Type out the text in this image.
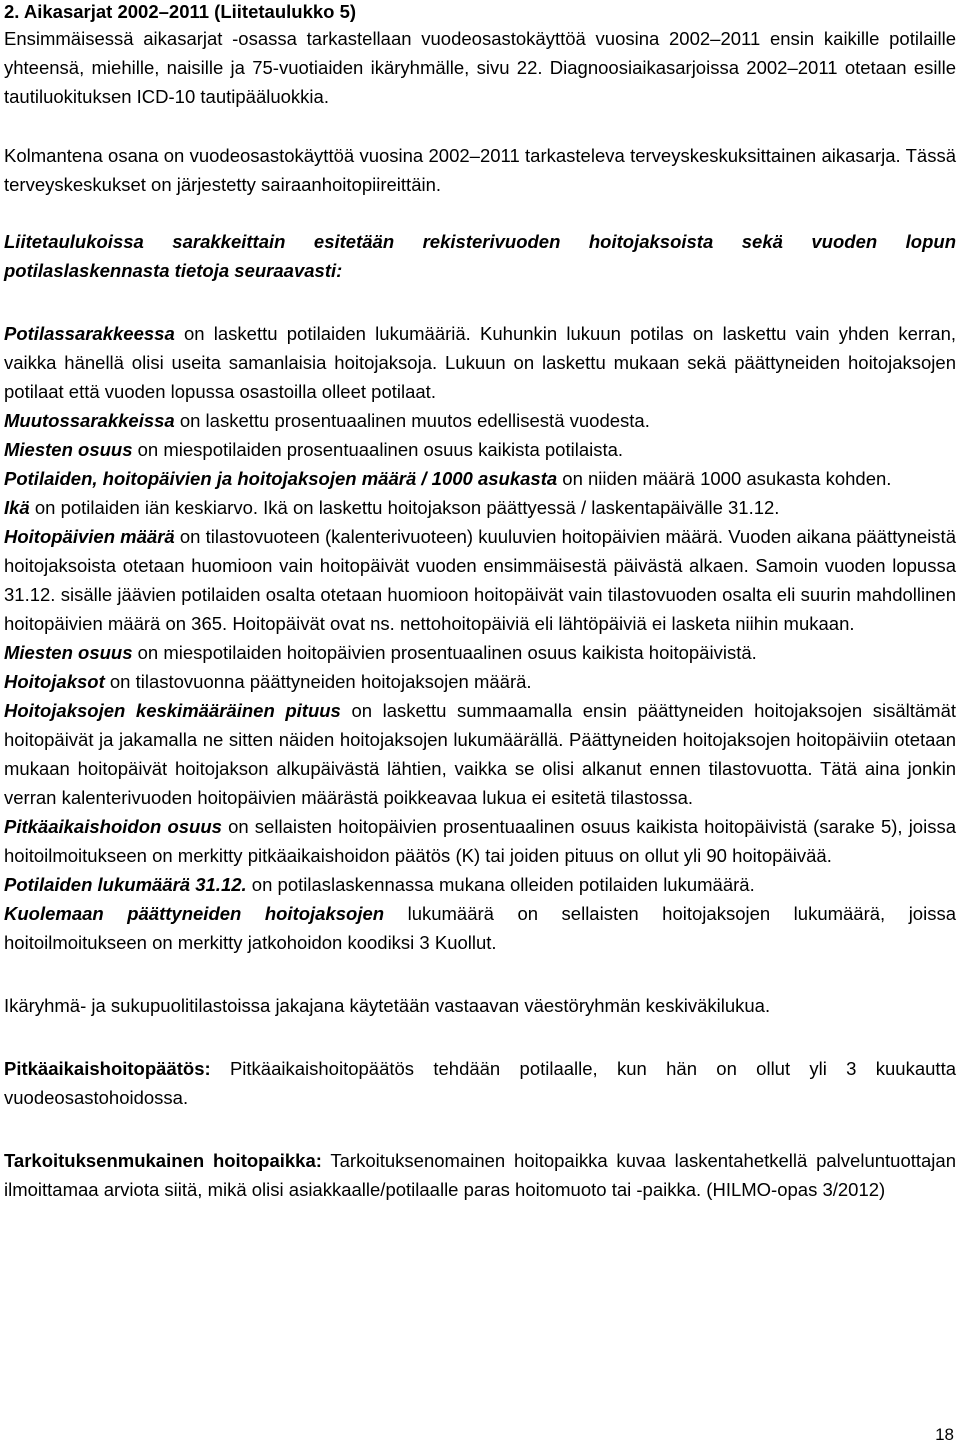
2. Aikasarjat 2002–2011 (Liitetaulukko 5)

Ensimmäisessä aikasarjat -osassa tarkastellaan vuodeosastokäyttöä vuosina 2002–2011 ensin kaikille potilaille yhteensä, miehille, naisille ja 75-vuotiaiden ikäryhmälle, sivu 22. Diagnoosiaikasarjoissa 2002–2011 otetaan esille tautiluokituksen ICD-10 tautipääluokkia.

Kolmantena osana on vuodeosastokäyttöä vuosina 2002–2011 tarkasteleva terveyskeskuksittainen aikasarja. Tässä terveyskeskukset on järjestetty sairaanhoitopiireittäin.

Liitetaulukoissa sarakkeittain esitetään rekisterivuoden hoitojaksoista sekä vuoden lopun potilaslaskennasta tietoja seuraavasti:

Potilassarakkeessa on laskettu potilaiden lukumääriä. Kuhunkin lukuun potilas on laskettu vain yhden kerran, vaikka hänellä olisi useita samanlaisia hoitojaksoja. Lukuun on laskettu mukaan sekä päättyneiden hoitojaksojen potilaat että vuoden lopussa osastoilla olleet potilaat.

Muutossarakkeissa on laskettu prosentuaalinen muutos edellisestä vuodesta.

Miesten osuus on miespotilaiden prosentuaalinen osuus kaikista potilaista.

Potilaiden, hoitopäivien ja hoitojaksojen määrä / 1000 asukasta on niiden määrä 1000 asukasta kohden.

Ikä on potilaiden iän keskiarvo. Ikä on laskettu hoitojakson päättyessä / laskentapäivälle 31.12.

Hoitopäivien määrä on tilastovuoteen (kalenterivuoteen) kuuluvien hoitopäivien määrä. Vuoden aikana päättyneistä hoitojaksoista otetaan huomioon vain hoitopäivät vuoden ensimmäisestä päivästä alkaen. Samoin vuoden lopussa 31.12. sisälle jäävien potilaiden osalta otetaan huomioon hoitopäivät vain tilastovuoden osalta eli suurin mahdollinen hoitopäivien määrä on 365. Hoitopäivät ovat ns. nettohoitopäiviä eli lähtöpäiviä ei lasketa niihin mukaan.

Miesten osuus on miespotilaiden hoitopäivien prosentuaalinen osuus kaikista hoitopäivistä.

Hoitojaksot on tilastovuonna päättyneiden hoitojaksojen määrä.

Hoitojaksojen keskimääräinen pituus on laskettu summaamalla ensin päättyneiden hoitojaksojen sisältämät hoitopäivät ja jakamalla ne sitten näiden hoitojaksojen lukumäärällä. Päättyneiden hoitojaksojen hoitopäiviin otetaan mukaan hoitopäivät hoitojakson alkupäivästä lähtien, vaikka se olisi alkanut ennen tilastovuotta. Tätä aina jonkin verran kalenterivuoden hoitopäivien määrästä poikkeavaa lukua ei esitetä tilastossa.

Pitkäaikaishoidon osuus on sellaisten hoitopäivien prosentuaalinen osuus kaikista hoitopäivistä (sarake 5), joissa hoitoilmoitukseen on merkitty pitkäaikaishoidon päätös (K) tai joiden pituus on ollut yli 90 hoitopäivää.

Potilaiden lukumäärä 31.12. on potilaslaskennassa mukana olleiden potilaiden lukumäärä.

Kuolemaan päättyneiden hoitojaksojen lukumäärä on sellaisten hoitojaksojen lukumäärä, joissa hoitoilmoitukseen on merkitty jatkohoidon koodiksi 3 Kuollut.

Ikäryhmä- ja sukupuolitilastoissa jakajana käytetään vastaavan väestöryhmän keskiväkilukua.

Pitkäaikaishoitopäätös: Pitkäaikaishoitopäätös tehdään potilaalle, kun hän on ollut yli 3 kuukautta vuodeosastohoidossa.

Tarkoituksenmukainen hoitopaikka: Tarkoituksenomainen hoitopaikka kuvaa laskentahetkellä palveluntuottajan ilmoittamaa arviota siitä, mikä olisi asiakkaalle/potilaalle paras hoitomuoto tai -paikka. (HILMO-opas 3/2012)

18
